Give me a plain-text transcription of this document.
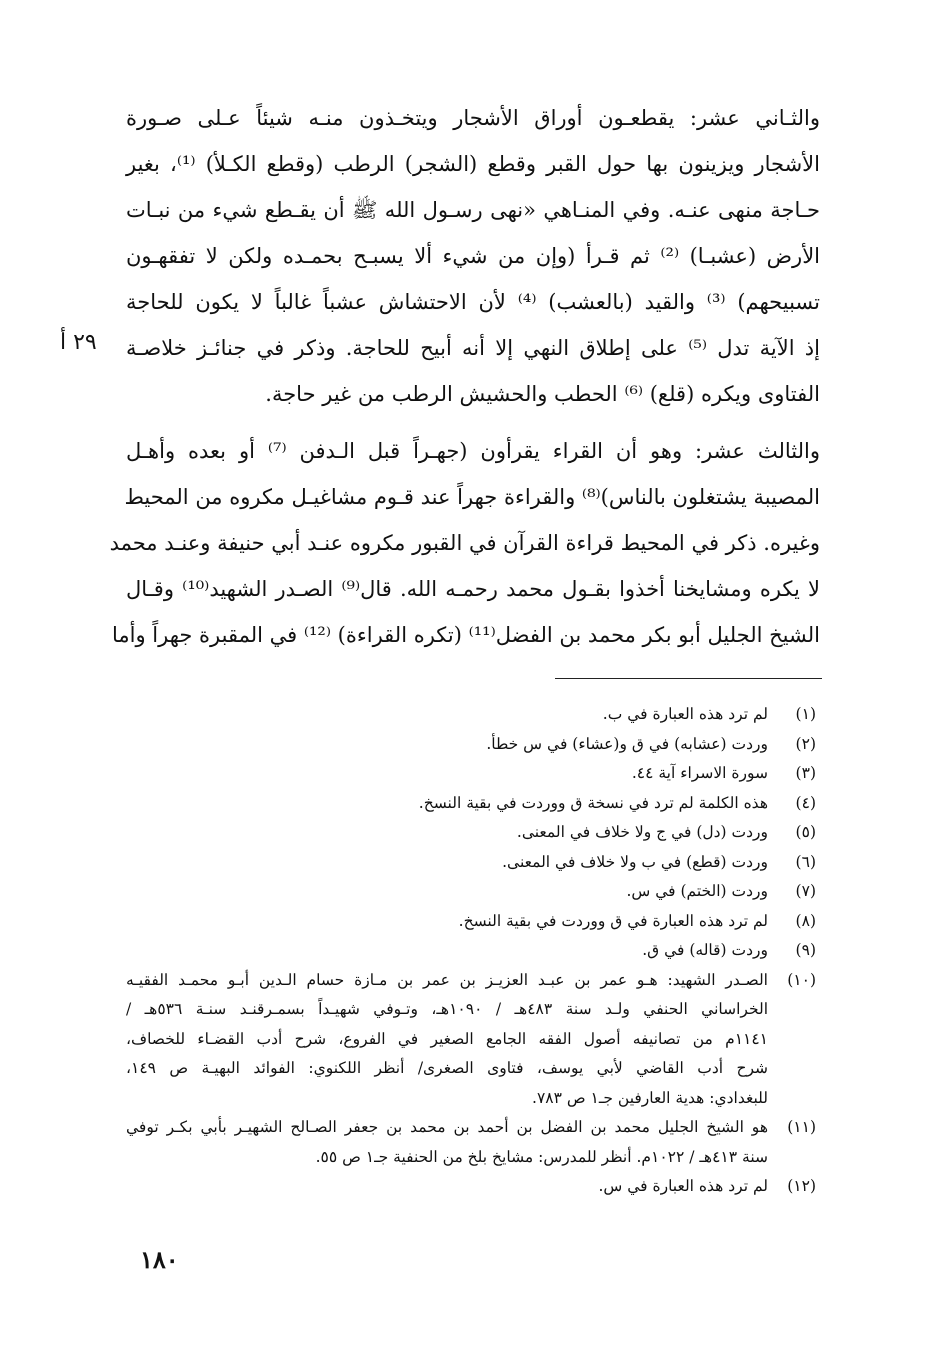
والثـاني عشر: يقطعـون أوراق الأشجار ويتخـذون منـه شيئاً عـلى صـورة
الأشجار ويزينون بها حول القبر وقطع (الشجر) الرطب (وقطع الكـلأ) ⁽¹⁾، بغير
حـاجة منهى عنـه. وفي المنـاهي «نهى رسـول الله ﷺ أن يقـطع شيء من نبـات
الأرض (عشبـا) ⁽²⁾ ثم قـرأ (وإن من شيء ألا يسبـح بحمـده ولكن لا تفقهـون
تسبيحهم) ⁽³⁾ والقيد (بالعشب) ⁽⁴⁾ لأن الاحتشاش عشباً غالباً لا يكون للحاجة
إذ الآية تدل ⁽⁵⁾ على إطلاق النهي إلا أنه أبيح للحاجة. وذكر في جنائـز خلاصـة
الفتاوى ويكره (قلع) ⁽⁶⁾ الحطب والحشيش الرطب من غير حاجة.
٢٩ أ
والثالث عشر: وهو أن القراء يقرأون (جهـراً قبل الـدفن ⁽⁷⁾ أو بعده وأهـل
المصيبة يشتغلون بالناس)⁽⁸⁾ والقراءة جهراً عند قـوم مشاغيـل مكروه من المحيط
وغيره. ذكر في المحيط قراءة القرآن في القبور مكروه عنـد أبي حنيفة وعنـد محمد
لا يكره ومشايخنا أخذوا بقـول محمد رحمـه الله. قال⁽⁹⁾ الصـدر الشهيد⁽¹⁰⁾ وقـال
الشيخ الجليل أبو بكر محمد بن الفضل⁽¹¹⁾ (تكره القراءة) ⁽¹²⁾ في المقبرة جهراً وأما
(١)
لم ترد هذه العبارة في ب.
(٢)
وردت (عشابه) في ق و(عشاء) في س خطأ.
(٣)
سورة الاسراء آية ٤٤.
(٤)
هذه الكلمة لم ترد في نسخة ق ووردت في بقية النسخ.
(٥)
وردت (دل) في ج ولا خلاف في المعنى.
(٦)
وردت (قطع) في ب ولا خلاف في المعنى.
(٧)
وردت (الختم) في س.
(٨)
لم ترد هذه العبارة في ق ووردت في بقية النسخ.
(٩)
وردت (قاله) في ق.
(١٠)
الصـدر الشهيد: هـو عمر بن عبـد العزيـز بن عمر بن مـازة حسام الـدين أبـو محمـد الفقيـه
الخراساني الحنفي ولـد سنة ٤٨٣هـ / ١٠٩٠هـ، وتـوفي شهيـداً بسمـرقنـد سنـة ٥٣٦هـ /
١١٤١م من تصانيفه أصول الفقه الجامع الصغير في الفروع، شرح أدب القضـاء للخصاف،
شرح أدب القاضي لأبي يوسف، فتاوى الصغرى/ أنظر اللكنوي: الفوائد البهيـة ص ١٤٩،
للبغدادي: هدية العارفين جـ١ ص ٧٨٣.
(١١)
هو الشيخ الجليل محمد بن الفضل بن أحمد بن محمد بن جعفر الصـالح الشهيـر بأبي بكـر توفي
سنة ٤١٣هـ / ١٠٢٢م. أنظر للمدرس: مشايخ بلخ من الحنفية جـ١ ص ٥٥.
(١٢)
لم ترد هذه العبارة في س.
١٨٠
